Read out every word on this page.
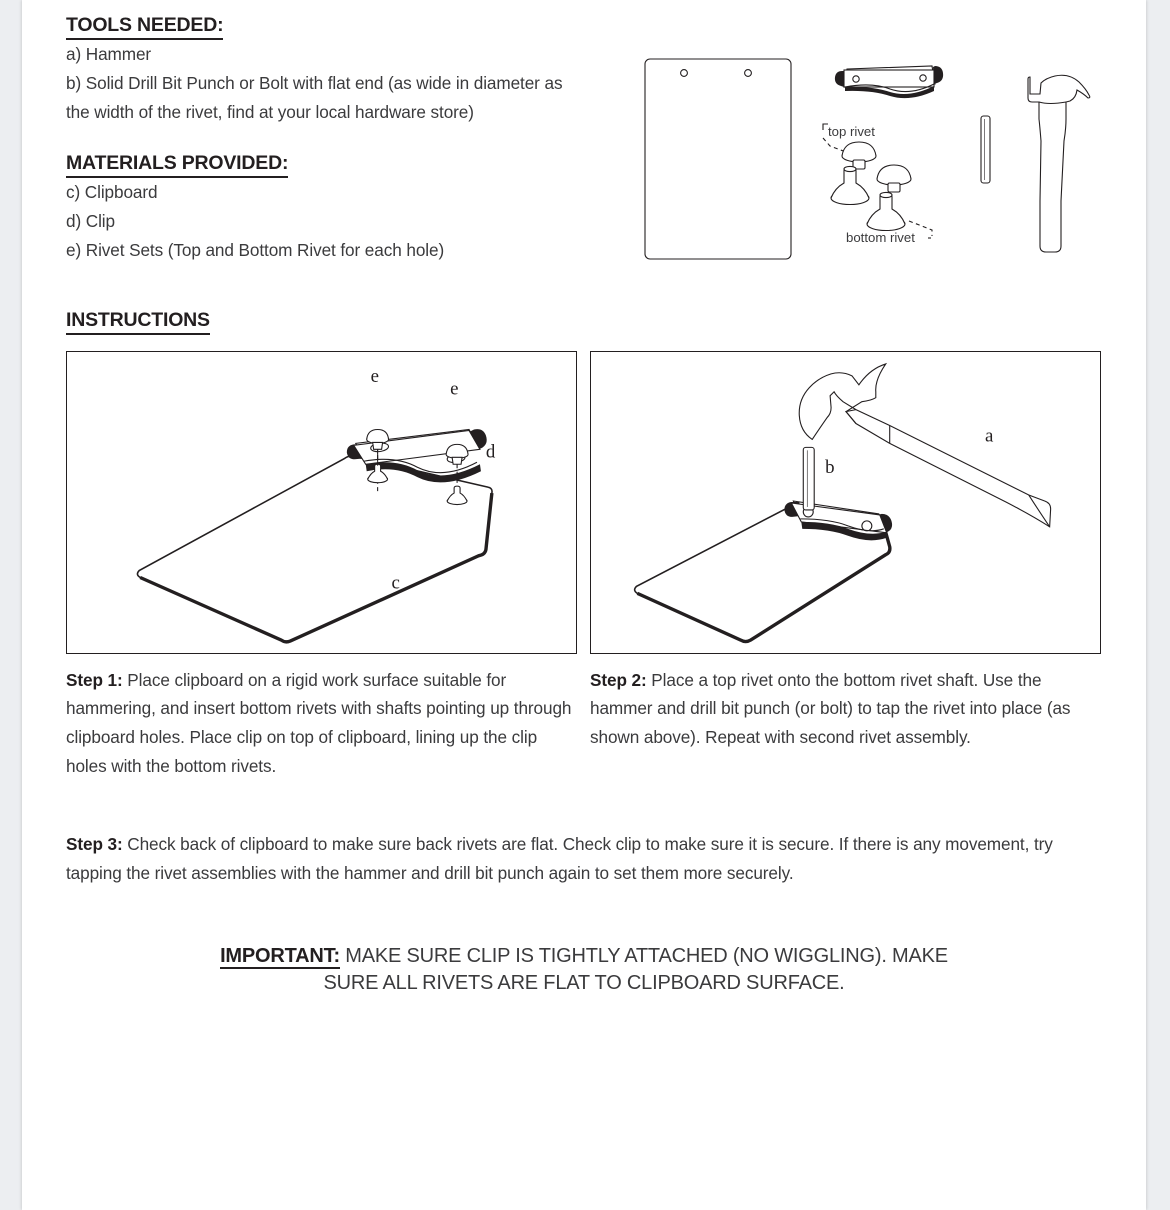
TOOLS NEEDED:
a) Hammer
b) Solid Drill Bit Punch or Bolt with flat end (as wide in diameter as
the width of the rivet, find at your local hardware store)
MATERIALS PROVIDED:
c) Clipboard
d) Clip
e) Rivet Sets (Top and Bottom Rivet for each hole)
top rivet
bottom rivet
INSTRUCTIONS
e
e
d
c
a
b

Step 1: Place clipboard on a rigid work surface suitable for hammering, and insert bottom rivets with shafts pointing up through clipboard holes. Place clip on top of clipboard, lining up the clip holes with the bottom rivets.

Step 2: Place a top rivet onto the bottom rivet shaft. Use the hammer and drill bit punch (or bolt) to tap the rivet into place (as shown above). Repeat with second rivet assembly.

Step 3: Check back of clipboard to make sure back rivets are flat. Check clip to make sure it is secure. If there is any movement, try tapping the rivet assemblies with the hammer and drill bit punch again to set them more securely.

IMPORTANT: MAKE SURE CLIP IS TIGHTLY ATTACHED (NO WIGGLING). MAKE SURE ALL RIVETS ARE FLAT TO CLIPBOARD SURFACE.
